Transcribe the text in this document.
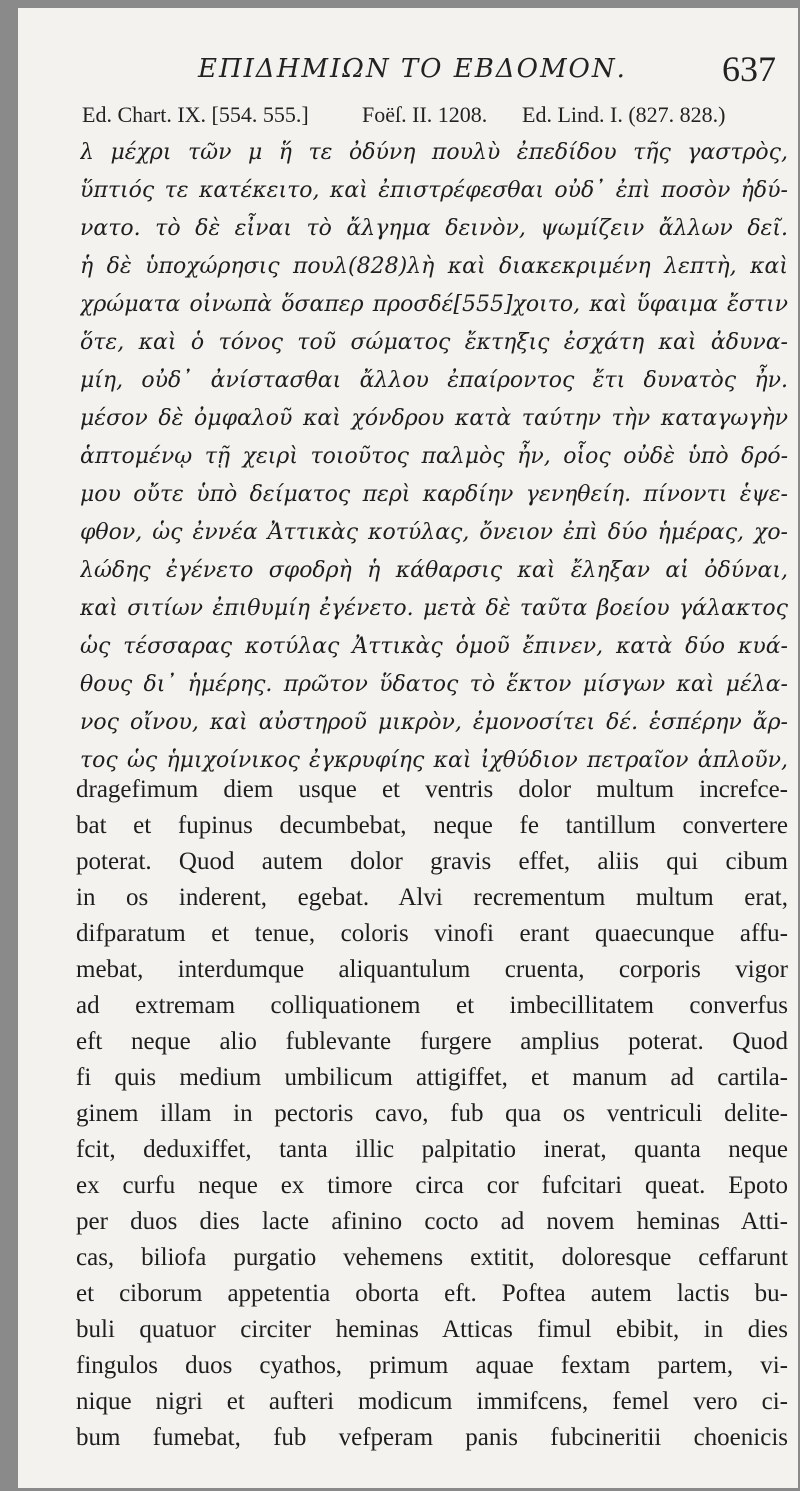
ΕΠΙΔΗΜΙΩΝ ΤΟ ΕΒΔΟΜΟΝ.	637
Ed. Chart. IX. [554. 555.] Foëſ. II. 1208. Ed. Lind. I. (827. 828.)
λ μέχρι τῶν μ ἥ τε ὀδύνη πουλὺ ἐπεδίδου τῆς γαστρὸς,
ὕπτιός τε κατέκειτο, καὶ ἐπιστρέφεσθαι οὐδ᾽ ἐπὶ ποσὸν ἠδύ-
νατο. τὸ δὲ εἶναι τὸ ἄλγημα δεινὸν, ψωμίζειν ἄλλων δεῖ.
ἡ δὲ ὑποχώρησις πουλ(828)λὴ καὶ διακεκριμένη λεπτὴ, καὶ
χρώματα οἰνωπὰ ὅσαπερ προσδέ[555]χοιτο, καὶ ὕφαιμα ἔστιν
ὅτε, καὶ ὁ τόνος τοῦ σώματος ἔκτηξις ἐσχάτη καὶ ἀδυνα-
μίη, οὐδ᾽ ἀνίστασθαι ἄλλου ἐπαίροντος ἔτι δυνατὸς ἦν.
μέσον δὲ ὀμφαλοῦ καὶ χόνδρου κατὰ ταύτην τὴν καταγωγὴν
ἁπτομένῳ τῇ χειρὶ τοιοῦτος παλμὸς ἦν, οἷος οὐδὲ ὑπὸ δρό-
μου οὔτε ὑπὸ δείματος περὶ καρδίην γενηθείη. πίνοντι ἑψε-
φθον, ὡς ἐννέα Ἀττικὰς κοτύλας, ὄνειον ἐπὶ δύο ἡμέρας, χο-
λώδης ἐγένετο σφοδρὴ ἡ κάθαρσις καὶ ἔληξαν αἱ ὀδύναι,
καὶ σιτίων ἐπιθυμίη ἐγένετο. μετὰ δὲ ταῦτα βοείου γάλακτος
ὡς τέσσαρας κοτύλας Ἀττικὰς ὁμοῦ ἔπινεν, κατὰ δύο κυά-
θους δι᾽ ἡμέρης. πρῶτον ὕδατος τὸ ἕκτον μίσγων καὶ μέλα-
νος οἴνου, καὶ αὐστηροῦ μικρὸν, ἐμονοσίτει δέ. ἑσπέρην ἄρ-
τος ὡς ἡμιχοίνικος ἐγκρυφίης καὶ ἰχθύδιον πετραῖον ἁπλοῦν,
dragefimum diem usque et ventris dolor multum increfce-
bat et fupinus decumbebat, neque fe tantillum convertere
poterat. Quod autem dolor gravis effet, aliis qui cibum
in os inderent, egebat. Alvi recrementum multum erat,
difparatum et tenue, coloris vinofi erant quaecunque affu-
mebat, interdumque aliquantulum cruenta, corporis vigor
ad extremam colliquationem et imbecillitatem converfus
eft neque alio fublevante furgere amplius poterat. Quod
fi quis medium umbilicum attigiffet, et manum ad cartila-
ginem illam in pectoris cavo, fub qua os ventriculi delite-
fcit, deduxiffet, tanta illic palpitatio inerat, quanta neque
ex curfu neque ex timore circa cor fufcitari queat. Epoto
per duos dies lacte afinino cocto ad novem heminas Atti-
cas, biliofa purgatio vehemens extitit, doloresque ceffarunt
et ciborum appetentia oborta eft. Poftea autem lactis bu-
buli quatuor circiter heminas Atticas fimul ebibit, in dies
fingulos duos cyathos, primum aquae fextam partem, vi-
nique nigri et aufteri modicum immifcens, femel vero ci-
bum fumebat, fub vefperam panis fubcineritii choenicis
